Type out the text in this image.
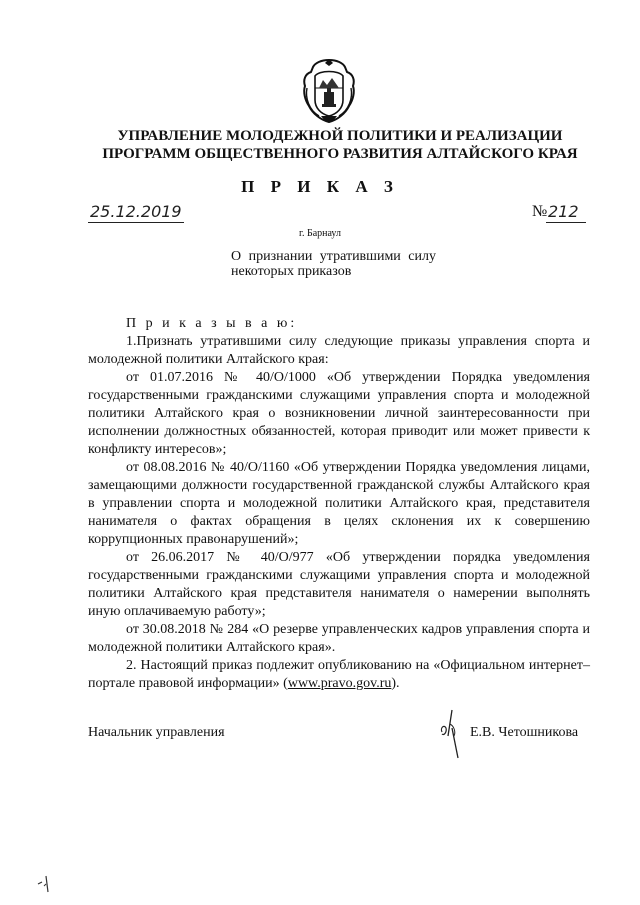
УПРАВЛЕНИЕ МОЛОДЕЖНОЙ ПОЛИТИКИ И РЕАЛИЗАЦИИ
ПРОГРАММ ОБЩЕСТВЕННОГО РАЗВИТИЯ АЛТАЙСКОГО КРАЯ
П Р И К А З
25.12.2019	№ 212
г. Барнаул
О признании утратившими силу
некоторых приказов

П р и к а з ы в а ю:

1.Признать утратившими силу следующие приказы управления спорта и молодежной политики Алтайского края:

от 01.07.2016 № 40/О/1000 «Об утверждении Порядка уведомления государственными гражданскими служащими управления спорта и молодежной политики Алтайского края о возникновении личной заинтересованности при исполнении должностных обязанностей, которая приводит или может привести к конфликту интересов»;

от 08.08.2016 № 40/О/1160 «Об утверждении Порядка уведомления лицами, замещающими должности государственной гражданской службы Алтайского края в управлении спорта и молодежной политики Алтайского края, представителя нанимателя о фактах обращения в целях склонения их к совершению коррупционных правонарушений»;

от 26.06.2017 № 40/О/977 «Об утверждении порядка уведомления государственными гражданскими служащими управления спорта и молодежной политики Алтайского края представителя нанимателя о намерении выполнять иную оплачиваемую работу»;

от 30.08.2018 № 284 «О резерве управленческих кадров управления спорта и молодежной политики Алтайского края».

2. Настоящий приказ подлежит опубликованию на «Официальном интернет–портале правовой информации» (www.pravo.gov.ru).

Начальник управления	Е.В. Четошникова
